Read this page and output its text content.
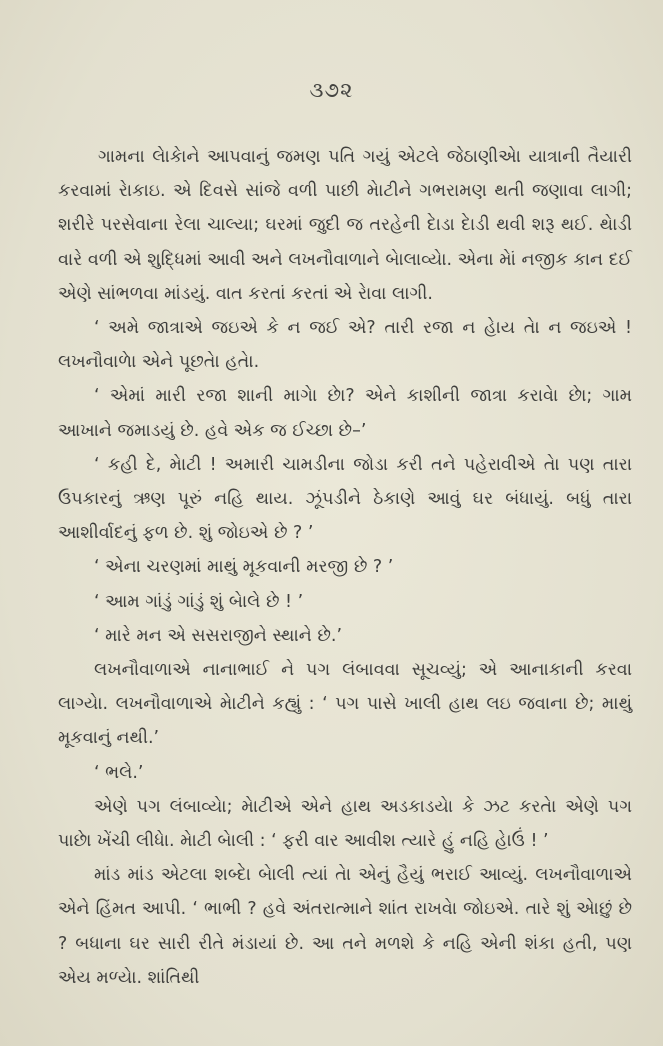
૩૭૨

ગામના લેાકેાને આપવાનું જમણ પતિ ગયું એટલે જેઠાણીએા યાત્રાની તૈયારી કરવામાં રેાકાઇ. એ દિવસે સાંજે વળી પાછી મેાટીને ગભરામણ થતી જણાવા લાગી; શરીરે પરસેવાના રેલા ચાલ્યા; ઘરમાં જુદી જ તરહેની દેાડા દેાડી થવી શરૂ થઈ. થેાડી વારે વળી એ શુદ્ધિમાં આવી અને લખનૌવાળાને બેાલાવ્યેા. એના મેાં નજીક કાન દઈ એણે સાંભળવા માંડયું. વાત કરતાં કરતાં એ રેાવા લાગી.

‘ અમે જાત્રાએ જઇએ કે ન જઈ એ? તારી રજા ન હેાય તેા ન જઇએ ! લખનૌવાળેા એને પૂછતેા હતેા.

‘ એમાં મારી રજા શાની માગેા છેા? એને કાશીની જાત્રા કરાવેા છેા; ગામ આખાને જમાડયું છે. હવે એક જ ઈચ્છા છે–’

‘ કહી દે, મેાટી ! અમારી ચામડીના જોડા કરી તને પહેરાવીએ તેા પણ તારા ઉપકારનું ઋણ પૂરું નહિ થાય. ઝૂંપડીને ઠેકાણે આવું ઘર બંધાયું. બધું તારા આશીર્વાદનું ફળ છે. શું જોઇએ છે ? ’

‘ એના ચરણમાં માથું મૂકવાની મરજી છે ? ’

‘ આમ ગાંડું ગાંડું શું બેાલે છે ! ’

‘ મારે મન એ સસરાજીને સ્થાને છે.’

લખનૌવાળાએ નાનાભાઈ ને પગ લંબાવવા સૂચવ્યું; એ આનાકાની કરવા લાગ્યેા. લખનૌવાળાએ મેાટીને કહ્યું : ‘ પગ પાસે ખાલી હાથ લઇ જવાના છે; માથું મૂકવાનું નથી.’

‘ ભલે.’

એણે પગ લંબાવ્યેા; મેાટીએ એને હાથ અડકાડયેા કે ઝટ કરતેા એણે પગ પાછેા ખેંચી લીધેા. મેાટી બેાલી : ‘ ફરી વાર આવીશ ત્યારે હું નહિ હેાઉં ! ’

માંડ માંડ એટલા શબ્દેા બેાલી ત્યાં તેા એનું હૈયું ભરાઈ આવ્યું. લખનૌવાળાએ એને હિંમત આપી. ‘ ભાભી ? હવે અંતરાત્માને શાંત રાખવેા જોઇએ. તારે શું એાછું છે ? બધાના ઘર સારી રીતે મંડાયાં છે. આ તને મળશે કે નહિ એની શંકા હતી, પણ એય મળ્યેા. શાંતિથી
